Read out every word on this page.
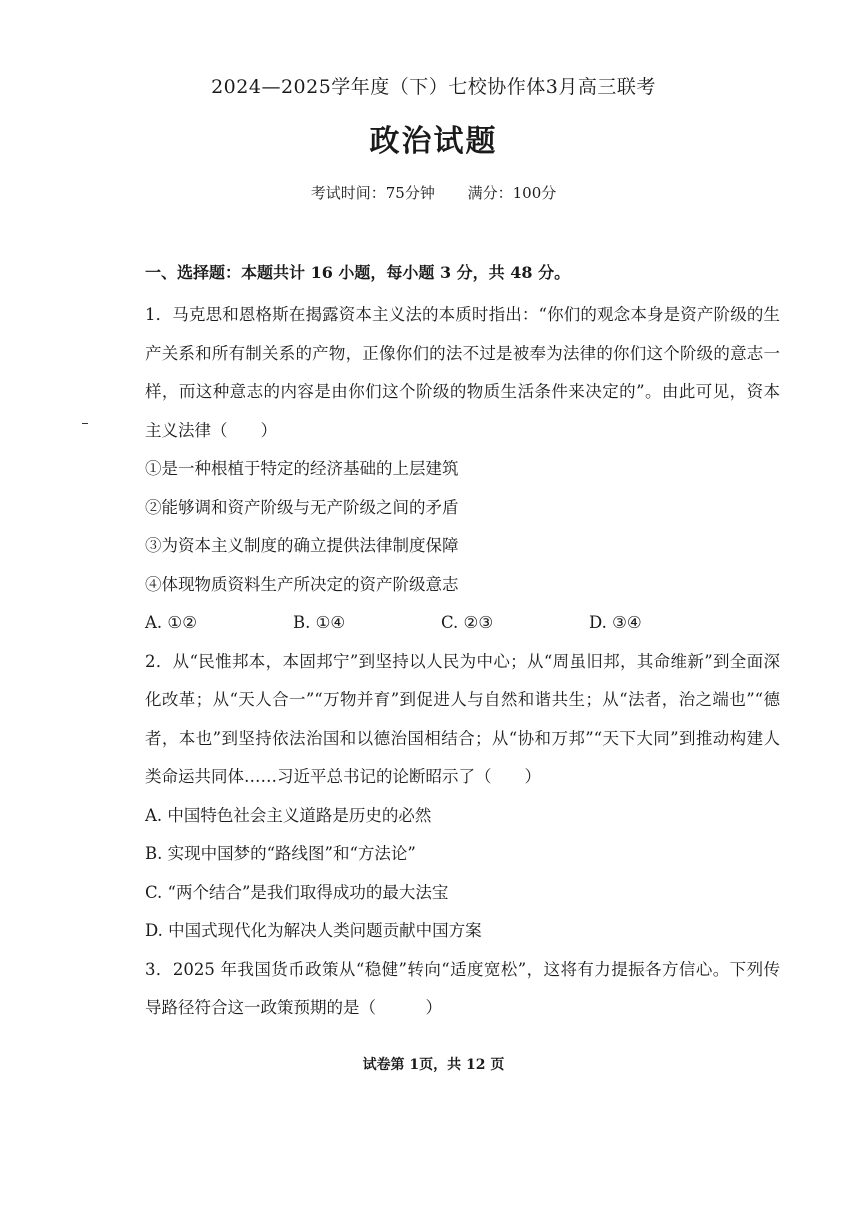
2024—2025学年度（下）七校协作体3月高三联考
政治试题
考试时间：75分钟 满分：100分
一、选择题：本题共计 16 小题，每小题 3 分，共 48 分。

1．马克思和恩格斯在揭露资本主义法的本质时指出：“你们的观念本身是资产阶级的生产关系和所有制关系的产物，正像你们的法不过是被奉为法律的你们这个阶级的意志一样，而这种意志的内容是由你们这个阶级的物质生活条件来决定的”。由此可见，资本主义法律（　　）

①是一种根植于特定的经济基础的上层建筑

②能够调和资产阶级与无产阶级之间的矛盾

③为资本主义制度的确立提供法律制度保障

④体现物质资料生产所决定的资产阶级意志

A. ①②	B. ①④	C. ②③	D. ③④

2．从“民惟邦本，本固邦宁”到坚持以人民为中心；从“周虽旧邦，其命维新”到全面深化改革；从“天人合一”“万物并育”到促进人与自然和谐共生；从“法者，治之端也”“德者，本也”到坚持依法治国和以德治国相结合；从“协和万邦”“天下大同”到推动构建人类命运共同体……习近平总书记的论断昭示了（　　）

A. 中国特色社会主义道路是历史的必然

B. 实现中国梦的“路线图”和“方法论”

C. “两个结合”是我们取得成功的最大法宝

D. 中国式现代化为解决人类问题贡献中国方案

3．2025 年我国货币政策从“稳健”转向“适度宽松”，这将有力提振各方信心。下列传导路径符合这一政策预期的是（　　　）

试卷第 1页，共 12 页
